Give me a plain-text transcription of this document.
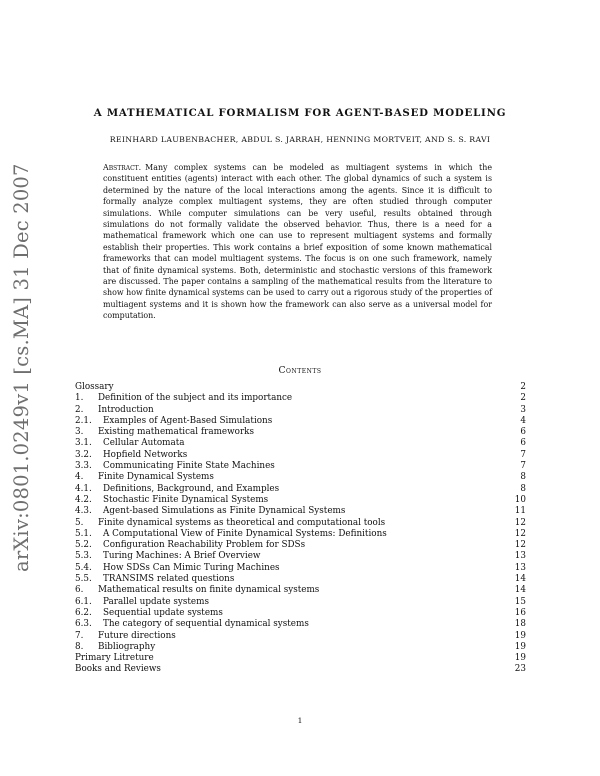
arXiv:0801.0249v1 [cs.MA] 31 Dec 2007
A MATHEMATICAL FORMALISM FOR AGENT-BASED MODELING
REINHARD LAUBENBACHER, ABDUL S. JARRAH, HENNING MORTVEIT, AND S. S. RAVI
Abstract. Many complex systems can be modeled as multiagent systems in which the constituent entities (agents) interact with each other. The global dynamics of such a system is determined by the nature of the local interactions among the agents. Since it is difficult to formally analyze complex multiagent systems, they are often studied through computer simulations. While computer simulations can be very useful, results obtained through simulations do not formally validate the observed behavior. Thus, there is a need for a mathematical framework which one can use to represent multiagent systems and formally establish their properties. This work contains a brief exposition of some known mathematical frameworks that can model multiagent systems. The focus is on one such framework, namely that of finite dynamical systems. Both, deterministic and stochastic versions of this framework are discussed. The paper contains a sampling of the mathematical results from the literature to show how finite dynamical systems can be used to carry out a rigorous study of the properties of multiagent systems and it is shown how the framework can also serve as a universal model for computation.
Contents
Glossary	2
1. Definition of the subject and its importance	2
2. Introduction	3
2.1. Examples of Agent-Based Simulations	4
3. Existing mathematical frameworks	6
3.1. Cellular Automata	6
3.2. Hopfield Networks	7
3.3. Communicating Finite State Machines	7
4. Finite Dynamical Systems	8
4.1. Definitions, Background, and Examples	8
4.2. Stochastic Finite Dynamical Systems	10
4.3. Agent-based Simulations as Finite Dynamical Systems	11
5. Finite dynamical systems as theoretical and computational tools	12
5.1. A Computational View of Finite Dynamical Systems: Definitions	12
5.2. Configuration Reachability Problem for SDSs	12
5.3. Turing Machines: A Brief Overview	13
5.4. How SDSs Can Mimic Turing Machines	13
5.5. TRANSIMS related questions	14
6. Mathematical results on finite dynamical systems	14
6.1. Parallel update systems	15
6.2. Sequential update systems	16
6.3. The category of sequential dynamical systems	18
7. Future directions	19
8. Bibliography	19
Primary Litreture	19
Books and Reviews	23
1
